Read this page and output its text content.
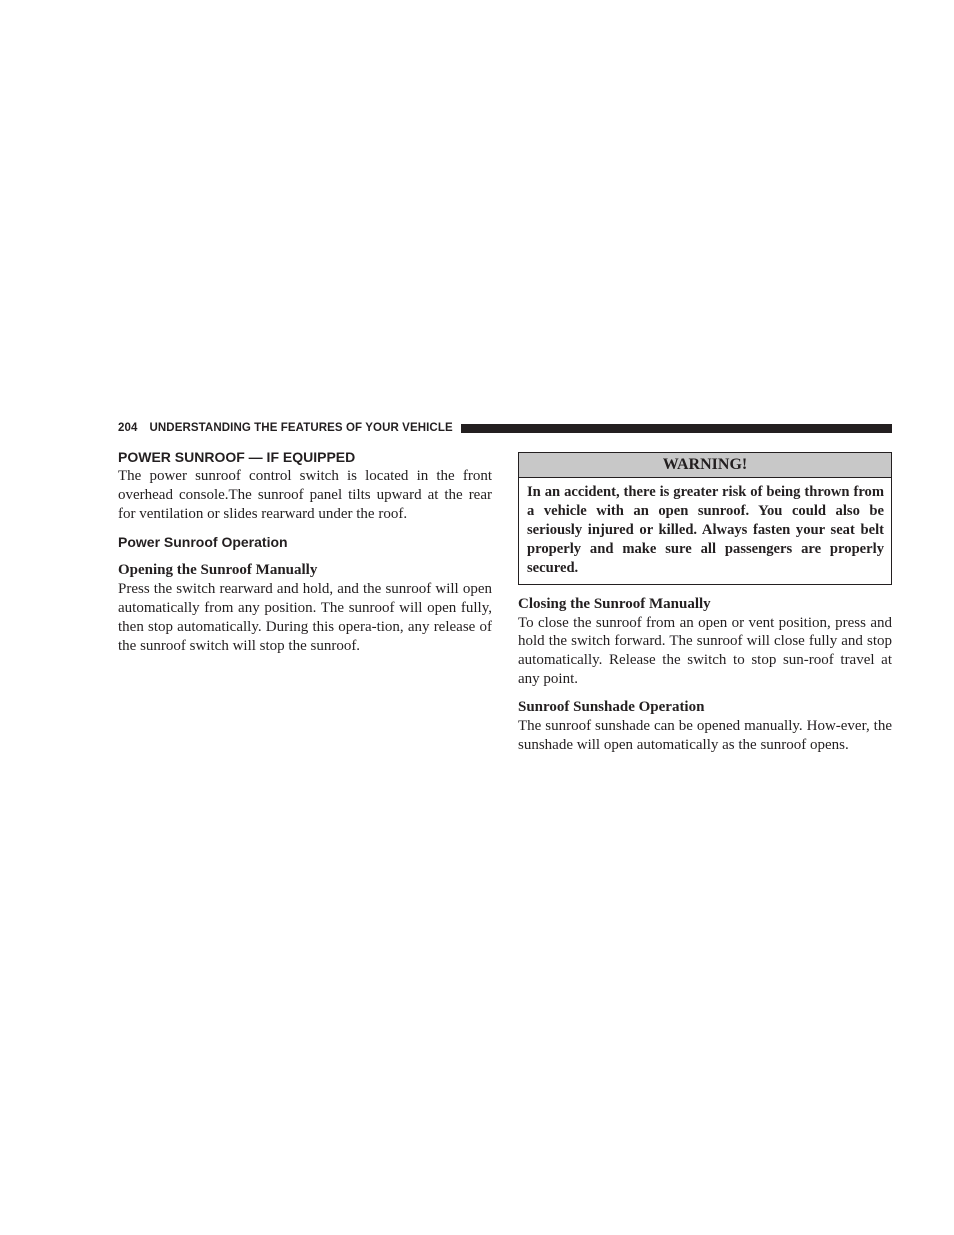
204 UNDERSTANDING THE FEATURES OF YOUR VEHICLE
POWER SUNROOF — IF EQUIPPED

The power sunroof control switch is located in the front overhead console.The sunroof panel tilts upward at the rear for ventilation or slides rearward under the roof.

Power Sunroof Operation
Opening the Sunroof Manually

Press the switch rearward and hold, and the sunroof will open automatically from any position. The sunroof will open fully, then stop automatically. During this opera-tion, any release of the sunroof switch will stop the sunroof.

WARNING!
In an accident, there is greater risk of being thrown from a vehicle with an open sunroof. You could also be seriously injured or killed. Always fasten your seat belt properly and make sure all passengers are properly secured.
Closing the Sunroof Manually

To close the sunroof from an open or vent position, press and hold the switch forward. The sunroof will close fully and stop automatically. Release the switch to stop sun-roof travel at any point.

Sunroof Sunshade Operation

The sunroof sunshade can be opened manually. How-ever, the sunshade will open automatically as the sunroof opens.
